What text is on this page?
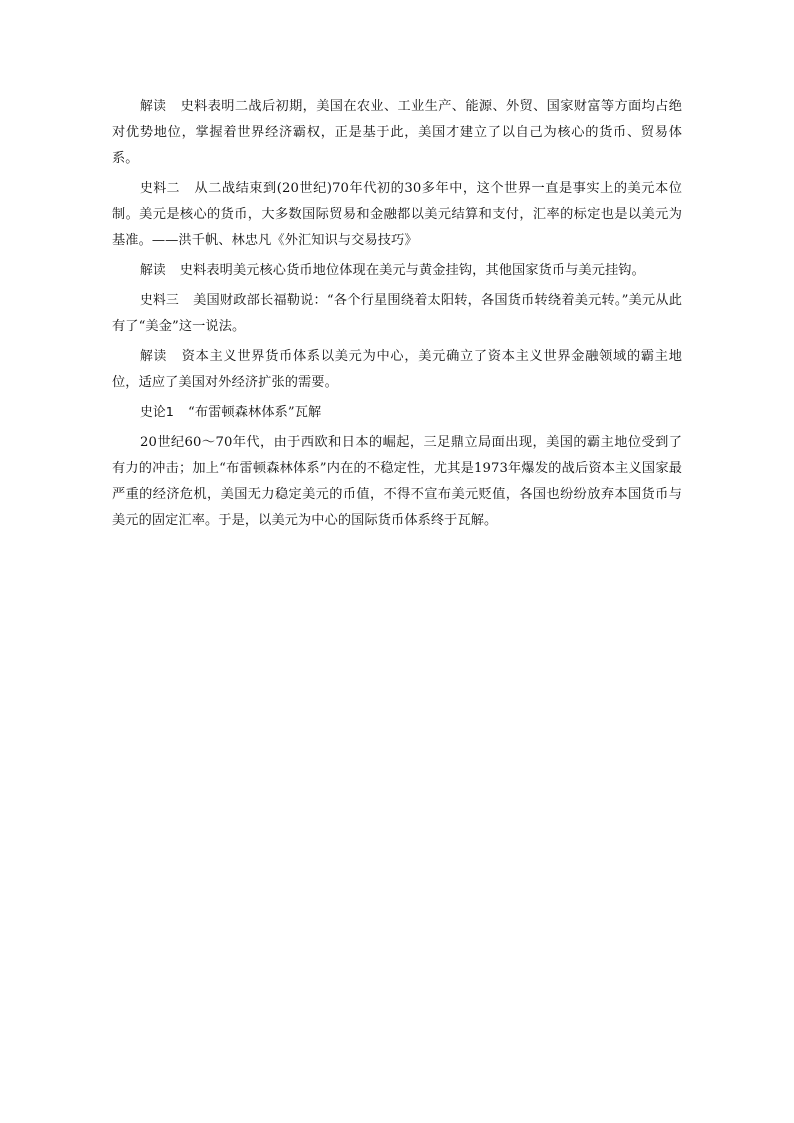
解读 史料表明二战后初期，美国在农业、工业生产、能源、外贸、国家财富等方面均占绝对优势地位，掌握着世界经济霸权，正是基于此，美国才建立了以自己为核心的货币、贸易体系。

史料二 从二战结束到(20世纪)70年代初的30多年中，这个世界一直是事实上的美元本位制。美元是核心的货币，大多数国际贸易和金融都以美元结算和支付，汇率的标定也是以美元为基准。——洪千帆、林忠凡《外汇知识与交易技巧》

解读 史料表明美元核心货币地位体现在美元与黄金挂钩，其他国家货币与美元挂钩。

史料三 美国财政部长福勒说：“各个行星围绕着太阳转，各国货币转绕着美元转。”美元从此有了“美金”这一说法。

解读 资本主义世界货币体系以美元为中心，美元确立了资本主义世界金融领域的霸主地位，适应了美国对外经济扩张的需要。

史论1 “布雷顿森林体系”瓦解

20世纪60～70年代，由于西欧和日本的崛起，三足鼎立局面出现，美国的霸主地位受到了有力的冲击；加上“布雷顿森林体系”内在的不稳定性，尤其是1973年爆发的战后资本主义国家最严重的经济危机，美国无力稳定美元的币值，不得不宣布美元贬值，各国也纷纷放弃本国货币与美元的固定汇率。于是，以美元为中心的国际货币体系终于瓦解。
